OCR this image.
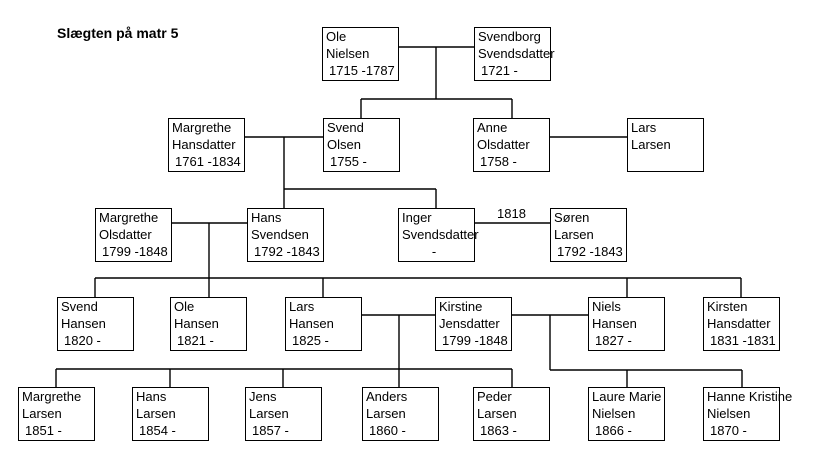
Slægten på matr 5
1818
Ole
Nielsen
1715 -1787
Svendborg
Svendsdatter
1721 -
Margrethe
Hansdatter
1761 -1834
Svend
Olsen
1755 -
Anne
Olsdatter
1758 -
Lars
Larsen
Margrethe
Olsdatter
1799 -1848
Hans
Svendsen
1792 -1843
Inger
Svendsdatter
-
Søren
Larsen
1792 -1843
Svend
Hansen
1820 -
Ole
Hansen
1821 -
Lars
Hansen
1825 -
Kirstine
Jensdatter
1799 -1848
Niels
Hansen
1827 -
Kirsten
Hansdatter
1831 -1831
Margrethe
Larsen
1851 -
Hans
Larsen
1854 -
Jens
Larsen
1857 -
Anders
Larsen
1860 -
Peder
Larsen
1863 -
Laure Marie
Nielsen
1866 -
Hanne Kristine
Nielsen
1870 -
